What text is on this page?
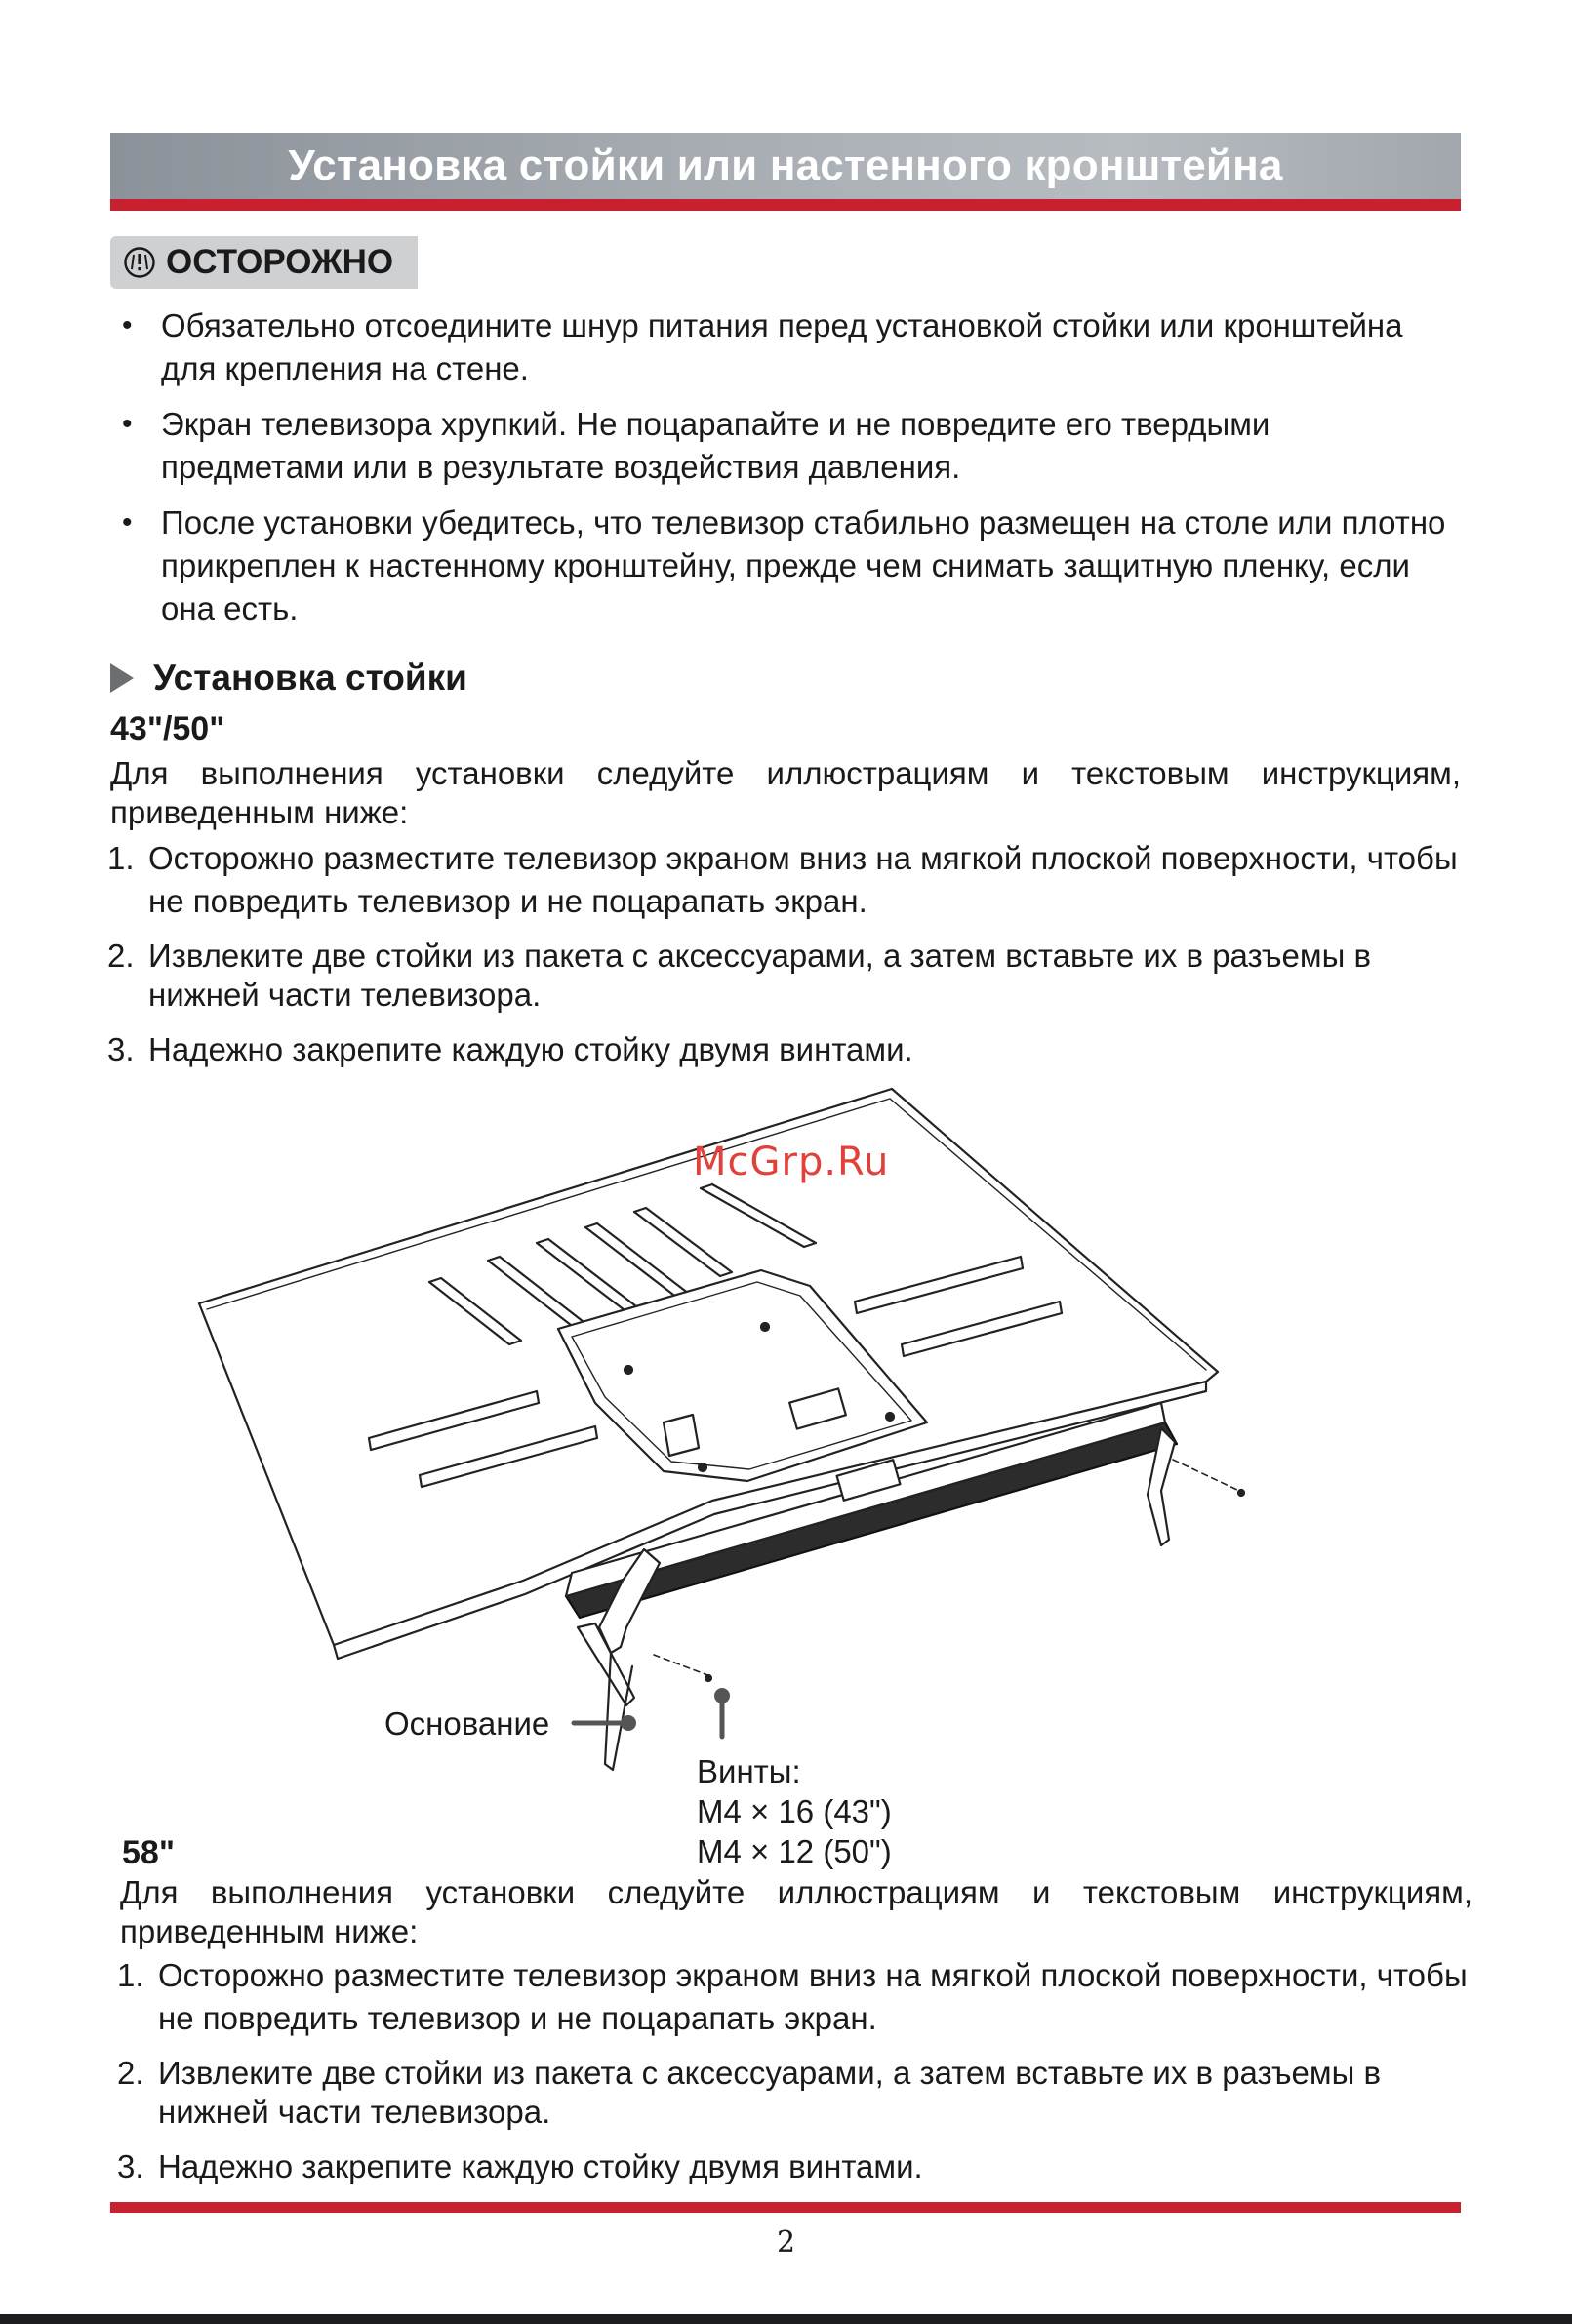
Установка стойки или настенного кронштейна
ОСТОРОЖНО
• Обязательно отсоедините шнур питания перед установкой стойки или кронштейна для крепления на стене.
• Экран телевизора хрупкий. Не поцарапайте и не повредите его твердыми предметами или в результате воздействия давления.
• После установки убедитесь, что телевизор стабильно размещен на столе или плотно прикреплен к настенному кронштейну, прежде чем снимать защитную пленку, если она есть.
Установка стойки
43"/50"
Для выполнения установки следуйте иллюстрациям и текстовым инструкциям, приведенным ниже:
1. Осторожно разместите телевизор экраном вниз на мягкой плоской поверхности, чтобы не повредить телевизор и не поцарапать экран.
2. Извлеките две стойки из пакета с аксессуарами, а затем вставьте их в разъемы в нижней части телевизора.
3. Надежно закрепите каждую стойку двумя винтами.
McGrp.Ru
Основание
Винты:
M4 × 16 (43")
M4 × 12 (50")
58"
Для выполнения установки следуйте иллюстрациям и текстовым инструкциям, приведенным ниже:
1. Осторожно разместите телевизор экраном вниз на мягкой плоской поверхности, чтобы не повредить телевизор и не поцарапать экран.
2. Извлеките две стойки из пакета с аксессуарами, а затем вставьте их в разъемы в нижней части телевизора.
3. Надежно закрепите каждую стойку двумя винтами.
2
